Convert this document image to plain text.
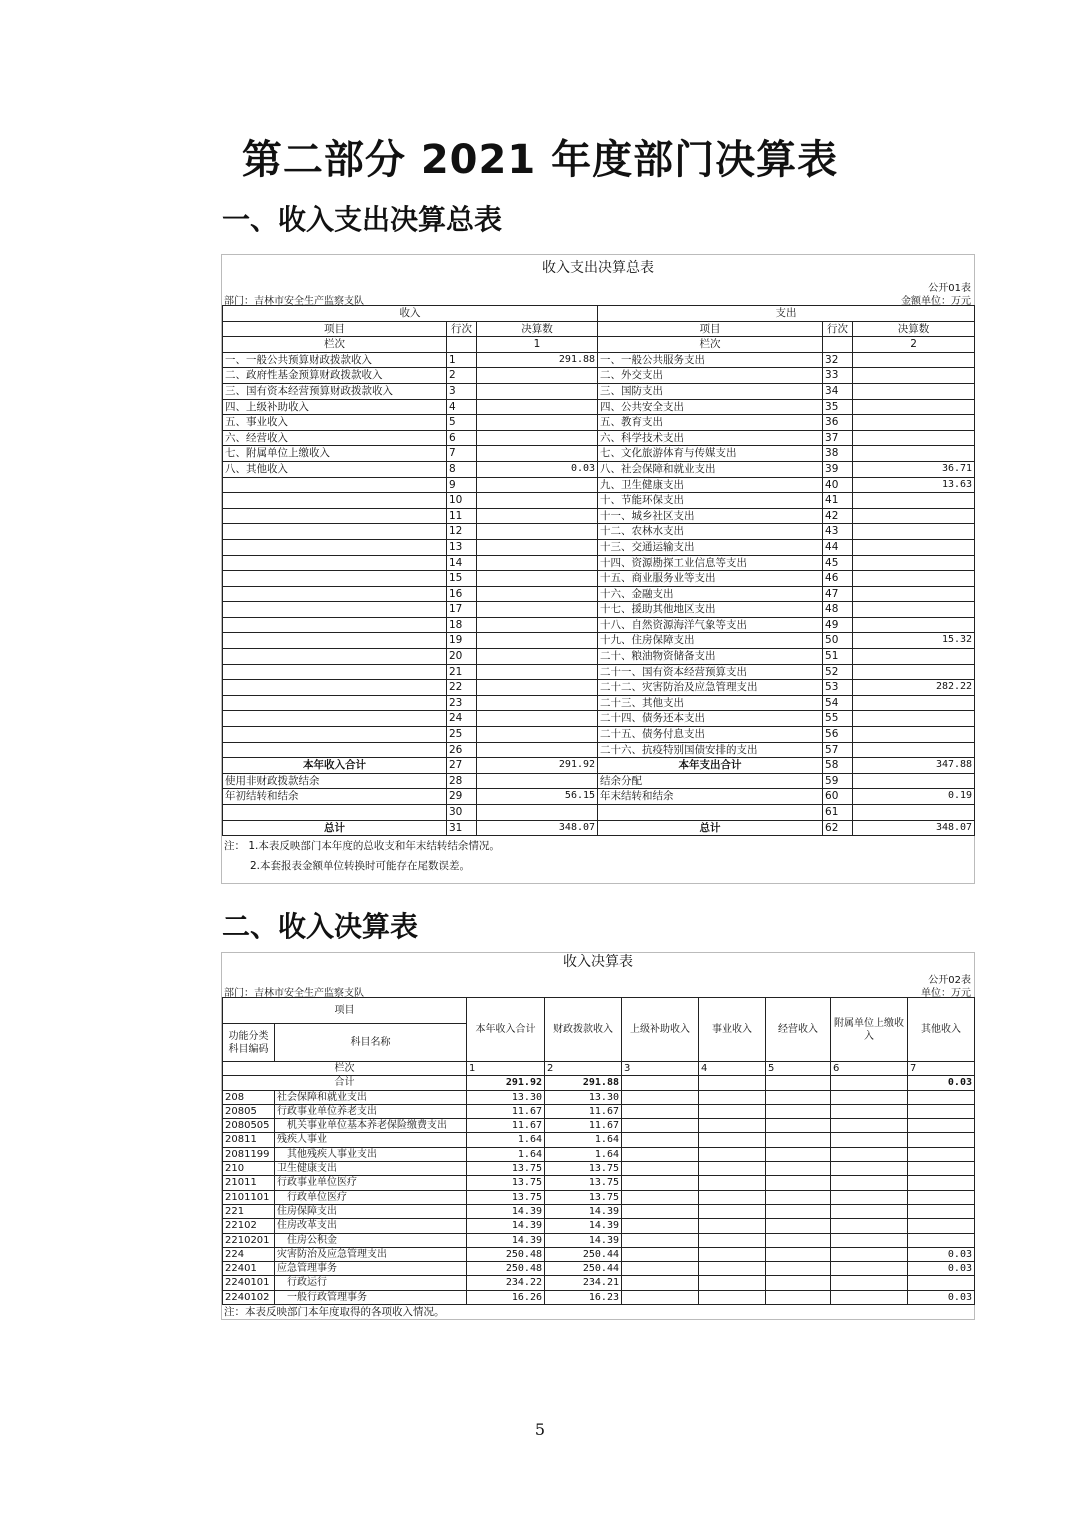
第二部分 2021 年度部门决算表
一、收入支出决算总表
收入支出决算总表
公开01表
部门：吉林市安全生产监察支队	金额单位：万元
收入			支出		
项目	行次	决算数	项目	行次	决算数
栏次		1	栏次		2
一、一般公共预算财政拨款收入	1	291.88	一、一般公共服务支出	32	
二、政府性基金预算财政拨款收入	2		二、外交支出	33	
三、国有资本经营预算财政拨款收入	3		三、国防支出	34	
四、上级补助收入	4		四、公共安全支出	35	
五、事业收入	5		五、教育支出	36	
六、经营收入	6		六、科学技术支出	37	
七、附属单位上缴收入	7		七、文化旅游体育与传媒支出	38	
八、其他收入	8	0.03	八、社会保障和就业支出	39	36.71
	9		九、卫生健康支出	40	13.63
	10		十、节能环保支出	41	
	11		十一、城乡社区支出	42	
	12		十二、农林水支出	43	
	13		十三、交通运输支出	44	
	14		十四、资源勘探工业信息等支出	45	
	15		十五、商业服务业等支出	46	
	16		十六、金融支出	47	
	17		十七、援助其他地区支出	48	
	18		十八、自然资源海洋气象等支出	49	
	19		十九、住房保障支出	50	15.32
	20		二十、粮油物资储备支出	51	
	21		二十一、国有资本经营预算支出	52	
	22		二十二、灾害防治及应急管理支出	53	282.22
	23		二十三、其他支出	54	
	24		二十四、债务还本支出	55	
	25		二十五、债务付息支出	56	
	26		二十六、抗疫特别国债安排的支出	57	
本年收入合计	27	291.92	本年支出合计	58	347.88
使用非财政拨款结余	28		结余分配	59	
年初结转和结余	29	56.15	年末结转和结余	60	0.19
	30			61	
总计	31	348.07	总计	62	348.07
注： 1.本表反映部门本年度的总收支和年末结转结余情况。
2.本套报表金额单位转换时可能存在尾数误差。
二、收入决算表
收入决算表
公开02表
部门：吉林市安全生产监察支队	单位：万元
项目		本年收入合计	财政拨款收入	上级补助收入	事业收入	经营收入	附属单位上缴收入	其他收入
功能分类科目编码	科目名称							
栏次		1	2	3	4	5	6	7
合计		291.92	291.88					0.03
208	社会保障和就业支出	13.30	13.30					
20805	行政事业单位养老支出	11.67	11.67					
2080505	机关事业单位基本养老保险缴费支出	11.67	11.67					
20811	残疾人事业	1.64	1.64					
2081199	其他残疾人事业支出	1.64	1.64					
210	卫生健康支出	13.75	13.75					
21011	行政事业单位医疗	13.75	13.75					
2101101	行政单位医疗	13.75	13.75					
221	住房保障支出	14.39	14.39					
22102	住房改革支出	14.39	14.39					
2210201	住房公积金	14.39	14.39					
224	灾害防治及应急管理支出	250.48	250.44					0.03
22401	应急管理事务	250.48	250.44					0.03
2240101	行政运行	234.22	234.21					
2240102	一般行政管理事务	16.26	16.23					0.03
注：本表反映部门本年度取得的各项收入情况。
5
